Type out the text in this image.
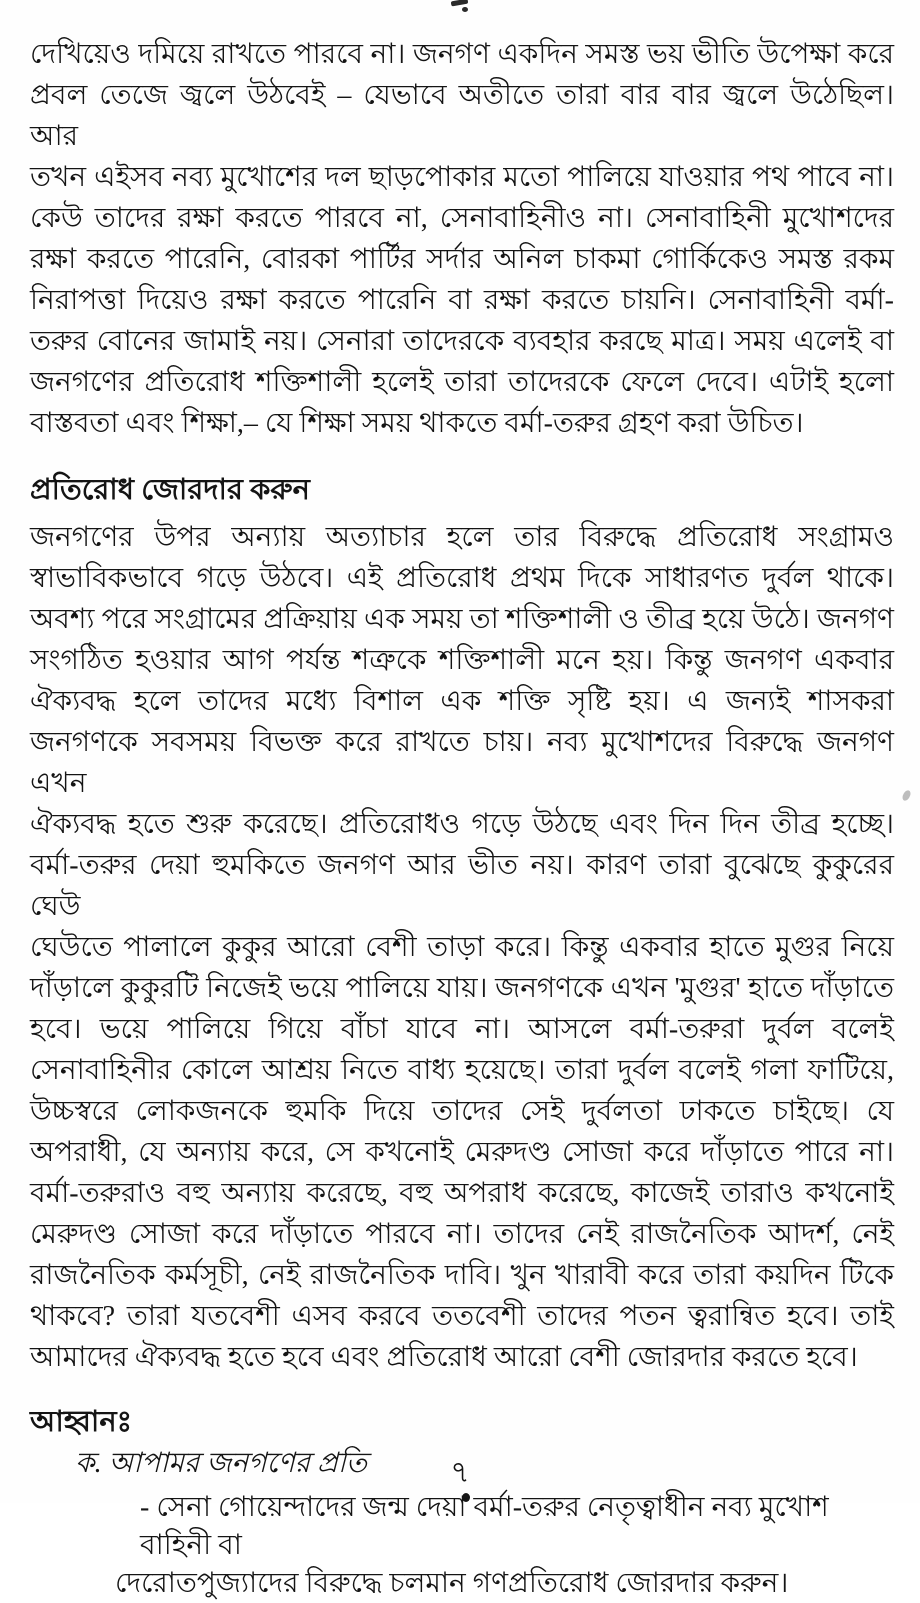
দেখিয়েও দমিয়ে রাখতে পারবে না। জনগণ একদিন সমস্ত ভয় ভীতি উপেক্ষা করে
প্রবল তেজে জ্বলে উঠবেই – যেভাবে অতীতে তারা বার বার জ্বলে উঠেছিল। আর
তখন এইসব নব্য মুখোশের দল ছাড়পোকার মতো পালিয়ে যাওয়ার পথ পাবে না।
কেউ তাদের রক্ষা করতে পারবে না, সেনাবাহিনীও না। সেনাবাহিনী মুখোশদের
রক্ষা করতে পারেনি, বোরকা পার্টির সর্দার অনিল চাকমা গোর্কিকেও সমস্ত রকম
নিরাপত্তা দিয়েও রক্ষা করতে পারেনি বা রক্ষা করতে চায়নি। সেনাবাহিনী বর্মা-
তরুর বোনের জামাই নয়। সেনারা তাদেরকে ব্যবহার করছে মাত্র। সময় এলেই বা
জনগণের প্রতিরোধ শক্তিশালী হলেই তারা তাদেরকে ফেলে দেবে। এটাই হলো
বাস্তবতা এবং শিক্ষা,– যে শিক্ষা সময় থাকতে বর্মা-তরুর গ্রহণ করা উচিত।
প্রতিরোধ জোরদার করুন
জনগণের উপর অন্যায় অত্যাচার হলে তার বিরুদ্ধে প্রতিরোধ সংগ্রামও
স্বাভাবিকভাবে গড়ে উঠবে। এই প্রতিরোধ প্রথম দিকে সাধারণত দুর্বল থাকে।
অবশ্য পরে সংগ্রামের প্রক্রিয়ায় এক সময় তা শক্তিশালী ও তীব্র হয়ে উঠে। জনগণ
সংগঠিত হওয়ার আগ পর্যন্ত শত্রুকে শক্তিশালী মনে হয়। কিন্তু জনগণ একবার
ঐক্যবদ্ধ হলে তাদের মধ্যে বিশাল এক শক্তি সৃষ্টি হয়। এ জন্যই শাসকরা
জনগণকে সবসময় বিভক্ত করে রাখতে চায়। নব্য মুখোশদের বিরুদ্ধে জনগণ এখন
ঐক্যবদ্ধ হতে শুরু করেছে। প্রতিরোধও গড়ে উঠছে এবং দিন দিন তীব্র হচ্ছে।
বর্মা-তরুর দেয়া হুমকিতে জনগণ আর ভীত নয়। কারণ তারা বুঝেছে কুকুরের ঘেউ
ঘেউতে পালালে কুকুর আরো বেশী তাড়া করে। কিন্তু একবার হাতে মুগুর নিয়ে
দাঁড়ালে কুকুরটি নিজেই ভয়ে পালিয়ে যায়। জনগণকে এখন 'মুগুর' হাতে দাঁড়াতে
হবে। ভয়ে পালিয়ে গিয়ে বাঁচা যাবে না। আসলে বর্মা-তরুরা দুর্বল বলেই
সেনাবাহিনীর কোলে আশ্রয় নিতে বাধ্য হয়েছে। তারা দুর্বল বলেই গলা ফাটিয়ে,
উচ্চস্বরে লোকজনকে হুমকি দিয়ে তাদের সেই দুর্বলতা ঢাকতে চাইছে। যে
অপরাধী, যে অন্যায় করে, সে কখনোই মেরুদণ্ড সোজা করে দাঁড়াতে পারে না।
বর্মা-তরুরাও বহু অন্যায় করেছে, বহু অপরাধ করেছে, কাজেই তারাও কখনোই
মেরুদণ্ড সোজা করে দাঁড়াতে পারবে না। তাদের নেই রাজনৈতিক আদর্শ, নেই
রাজনৈতিক কর্মসূচী, নেই রাজনৈতিক দাবি। খুন খারাবী করে তারা কয়দিন টিকে
থাকবে? তারা যতবেশী এসব করবে ততবেশী তাদের পতন ত্বরান্বিত হবে। তাই
আমাদের ঐক্যবদ্ধ হতে হবে এবং প্রতিরোধ আরো বেশী জোরদার করতে হবে।
আহ্বানঃ
ক. আপামর জনগণের প্রতি
- সেনা গোয়েন্দাদের জন্ম দেয়া বর্মা-তরুর নেতৃত্বাধীন নব্য মুখোশ বাহিনী বা
দেরোতপুজ্যাদের বিরুদ্ধে চলমান গণপ্রতিরোধ জোরদার করুন।
৭
